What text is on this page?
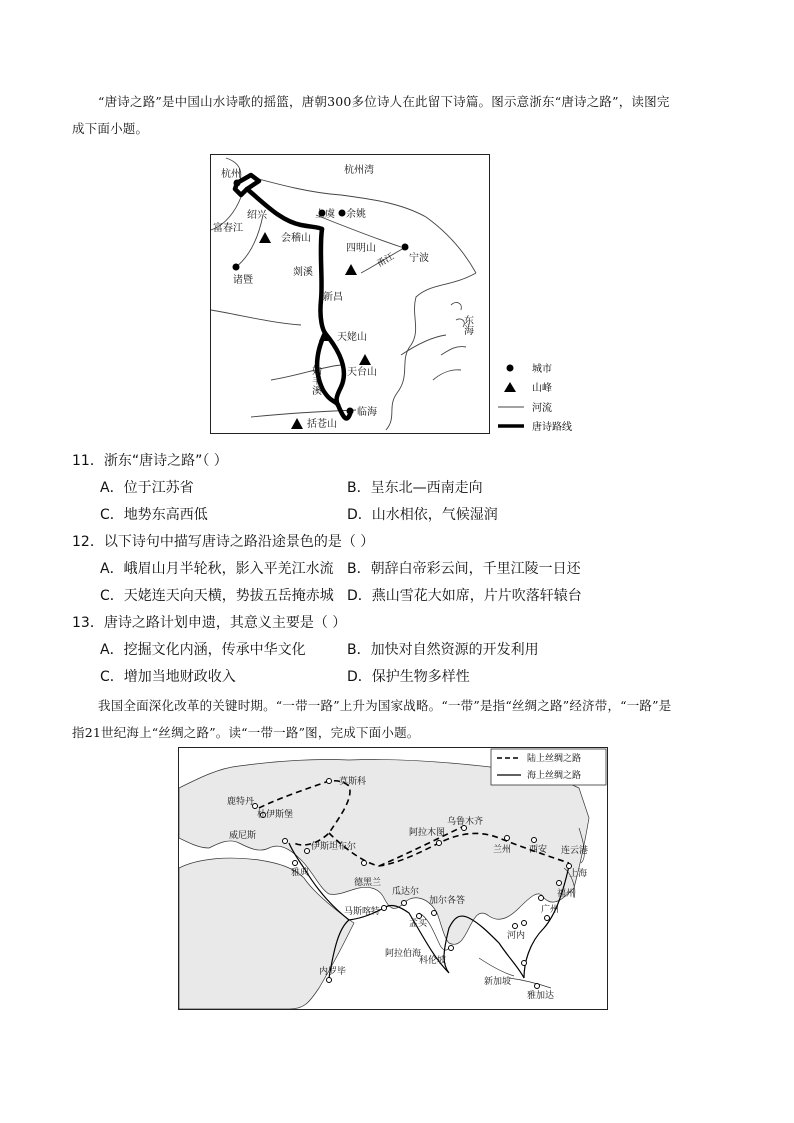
“唐诗之路”是中国山水诗歌的摇篮，唐朝300多位诗人在此留下诗篇。图示意浙东“唐诗之路”，读图完
成下面小题。
杭州	杭州湾
绍兴	上虞 余姚
富春江
会稽山
四明山
宁波
甬江
诸暨
剡溪
新昌
东海
天姥山
始丰溪	天台山
临海
括苍山
城市
山峰
河流
唐诗路线
11．浙东“唐诗之路”（ ）
A．位于江苏省	B．呈东北—西南走向
C．地势东高西低	D．山水相依，气候湿润
12．以下诗句中描写唐诗之路沿途景色的是（ ）
A．峨眉山月半轮秋，影入平羌江水流 B．朝辞白帝彩云间，千里江陵一日还
C．天姥连天向天横，势拔五岳掩赤城 D．燕山雪花大如席，片片吹落轩辕台
13．唐诗之路计划申遗，其意义主要是（ ）
A．挖掘文化内涵，传承中华文化	B．加快对自然资源的开发利用
C．增加当地财政收入	D．保护生物多样性
我国全面深化改革的关键时期。“一带一路”上升为国家战略。“一带”是指“丝绸之路”经济带，“一路”是
指21世纪海上“丝绸之路”。读“一带一路”图，完成下面小题。
莫斯科
鹿特丹
杜伊斯堡
威尼斯
伊斯坦布尔
雅典
阿拉木图
乌鲁木齐
德黑兰
兰州 西安 连云港
上海
福州
广州
瓜达尔
马斯喀特
加尔各答
孟买
河内
阿拉伯海
科伦坡
内罗毕
新加坡
雅加达
陆上丝绸之路
海上丝绸之路
